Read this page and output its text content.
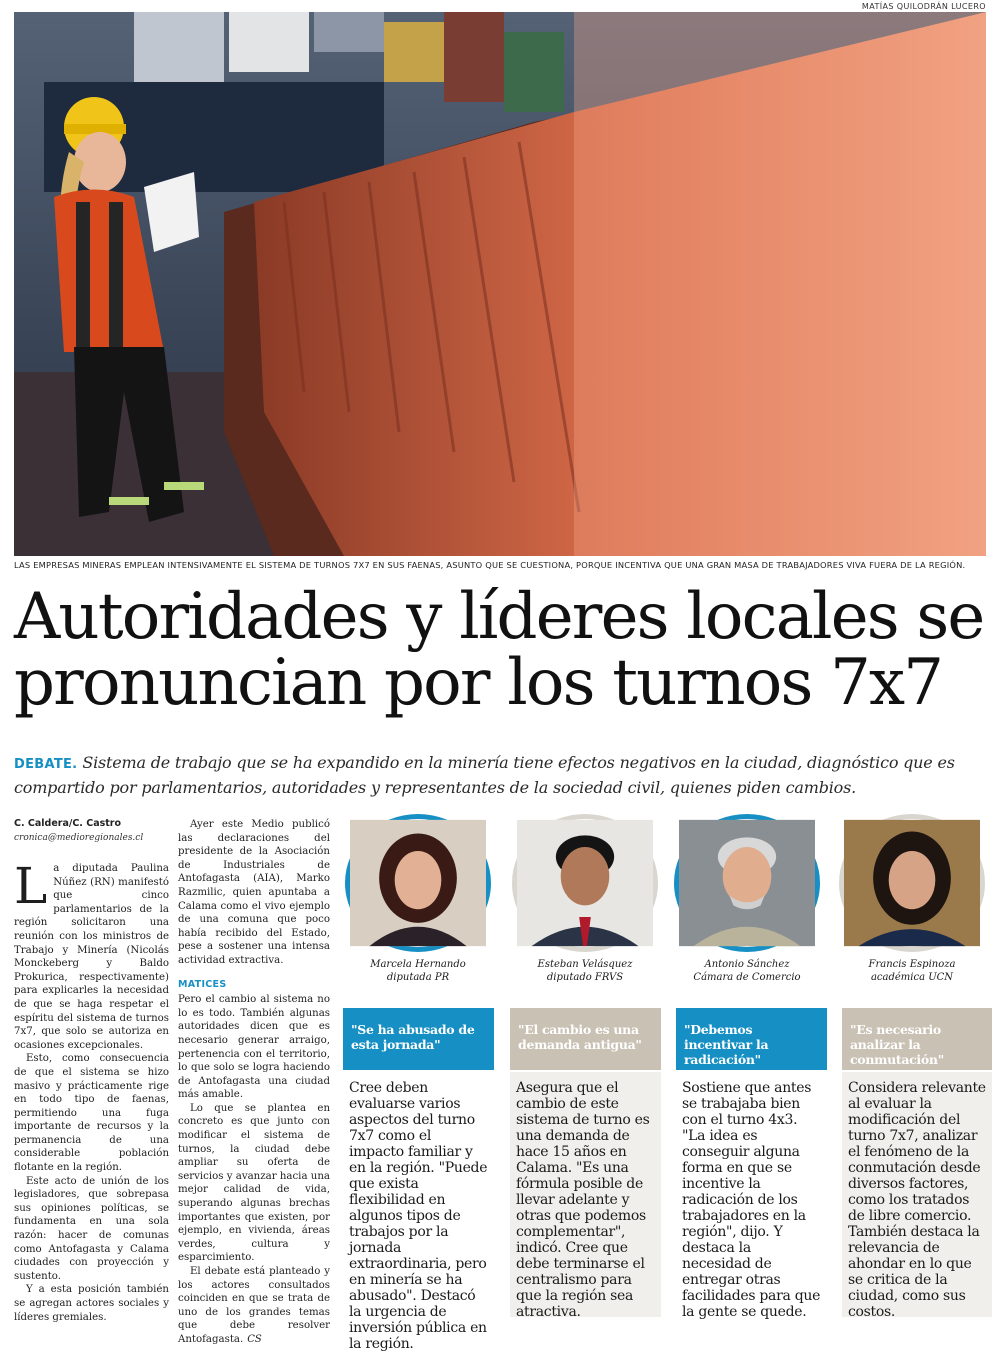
MATÍAS QUILODRÁN LUCERO
LAS EMPRESAS MINERAS EMPLEAN INTENSIVAMENTE EL SISTEMA DE TURNOS 7X7 EN SUS FAENAS, ASUNTO QUE SE CUESTIONA, PORQUE INCENTIVA QUE UNA GRAN MASA DE TRABAJADORES VIVA FUERA DE LA REGIÓN.
Autoridades y líderes locales se
pronuncian por los turnos 7x7
DEBATE. Sistema de trabajo que se ha expandido en la minería tiene efectos negativos en la ciudad, diagnóstico que es compartido por parlamentarios, autoridades y representantes de la sociedad civil, quienes piden cambios.
C. Caldera/C. Castro
cronica@medioregionales.cl

La diputada Paulina Núñez (RN) manifestó que cinco parlamentarios de la región solicitaron una reunión con los ministros de Trabajo y Minería (Nicolás Monckeberg y Baldo Prokurica, respectivamente) para explicarles la necesidad de que se haga respetar el espíritu del sistema de turnos 7x7, que solo se autoriza en ocasiones excepcionales.

Esto, como consecuencia de que el sistema se hizo masivo y prácticamente rige en todo tipo de faenas, permitiendo una fuga importante de recursos y la permanencia de una considerable población flotante en la región.

Este acto de unión de los legisladores, que sobrepasa sus opiniones políticas, se fundamenta en una sola razón: hacer de comunas como Antofagasta y Calama ciudades con proyección y sustento.

Y a esta posición también se agregan actores sociales y líderes gremiales.

Ayer este Medio publicó las declaraciones del presidente de la Asociación de Industriales de Antofagasta (AIA), Marko Razmilic, quien apuntaba a Calama como el vivo ejemplo de una comuna que poco había recibido del Estado, pese a sostener una intensa actividad extractiva.

MATICES

Pero el cambio al sistema no lo es todo. También algunas autoridades dicen que es necesario generar arraigo, pertenencia con el territorio, lo que solo se logra haciendo de Antofagasta una ciudad más amable.

Lo que se plantea en concreto es que junto con modificar el sistema de turnos, la ciudad debe ampliar su oferta de servicios y avanzar hacia una mejor calidad de vida, superando algunas brechas importantes que existen, por ejemplo, en vivienda, áreas verdes, cultura y esparcimiento.

El debate está planteado y los actores consultados coinciden en que se trata de uno de los grandes temas que debe resolver Antofagasta. CS

Marcela Hernando
diputada PR
Esteban Velásquez
diputado FRVS
Antonio Sánchez
Cámara de Comercio
Francis Espinoza
académica UCN
"Se ha abusado de esta jornada"
"El cambio es una demanda antigua"
"Debemos incentivar la radicación"
"Es necesario analizar la conmutación"
Cree deben evaluarse varios aspectos del turno 7x7 como el impacto familiar y en la región. "Puede que exista flexibilidad en algunos tipos de trabajos por la jornada extraordinaria, pero en minería se ha abusado". Destacó la urgencia de inversión pública en la región.
Asegura que el cambio de este sistema de turno es una demanda de hace 15 años en Calama. "Es una fórmula posible de llevar adelante y otras que podemos complementar", indicó. Cree que debe terminarse el centralismo para que la región sea atractiva.
Sostiene que antes se trabajaba bien con el turno 4x3. "La idea es conseguir alguna forma en que se incentive la radicación de los trabajadores en la región", dijo. Y destaca la necesidad de entregar otras facilidades para que la gente se quede.
Considera relevante al evaluar la modificación del turno 7x7, analizar el fenómeno de la conmutación desde diversos factores, como los tratados de libre comercio. También destaca la relevancia de ahondar en lo que se critica de la ciudad, como sus costos.
